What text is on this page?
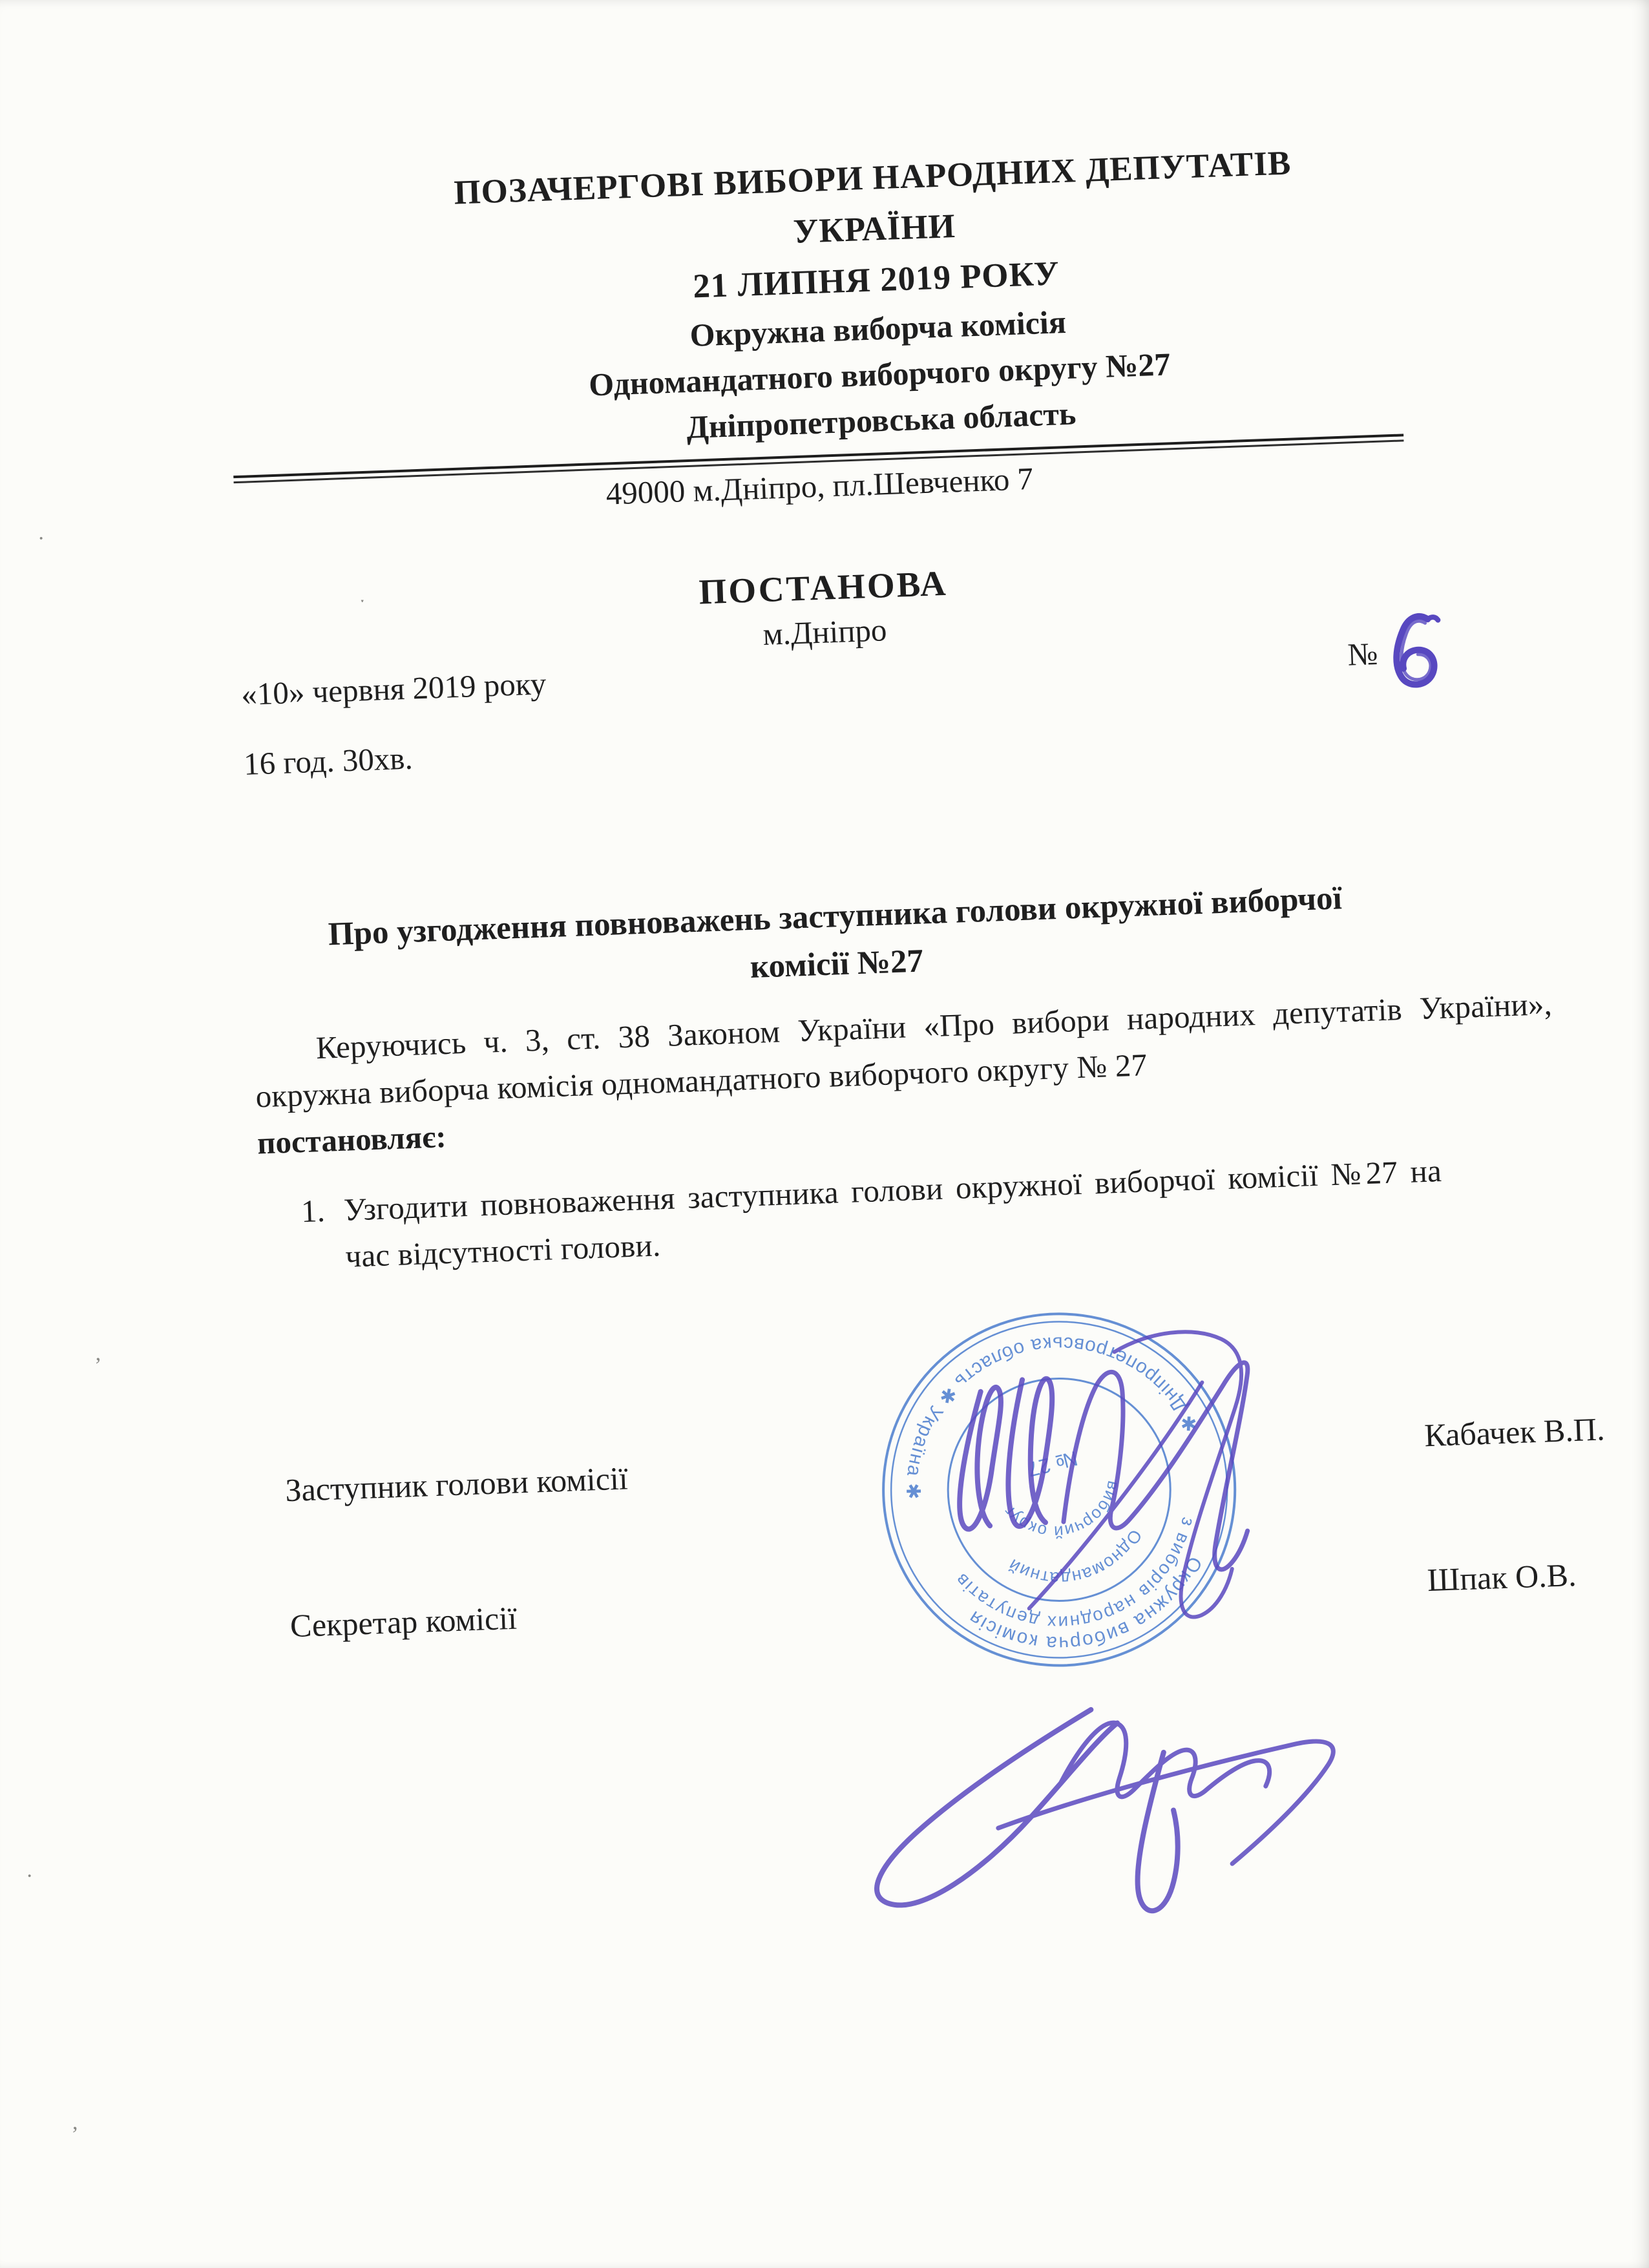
ПОЗАЧЕРГОВІ ВИБОРИ НАРОДНИХ ДЕПУТАТІВ
УКРАЇНИ
21 ЛИПНЯ 2019 РОКУ
Окружна виборча комісія
Одномандатного виборчого округу №27
Дніпропетровська область
49000 м.Дніпро, пл.Шевченко 7
ПОСТАНОВА
м.Дніпро
«10» червня 2019 року
№
16 год. 30хв.
Про узгодження повноважень заступника голови окружної виборчої комісії №27

Керуючись ч. 3, ст. 38 Законом України «Про вибори народних депутатів України», окружна виборча комісія одномандатного виборчого округу № 27

постановляє:

1. Узгодити повноваження заступника голови окружної виборчої комісії №27 на час відсутності голови.
Заступник голови комісії
Кабачек В.П.
Секретар комісії
Шпак О.В.
Окружна виборча комісія
з виборів народних депутатів
✱ Дніпропетровська область ✱ Україна ✱
Одномандатний
виборчий округ
№ 27
·
ʼ
·
,
ˑ
